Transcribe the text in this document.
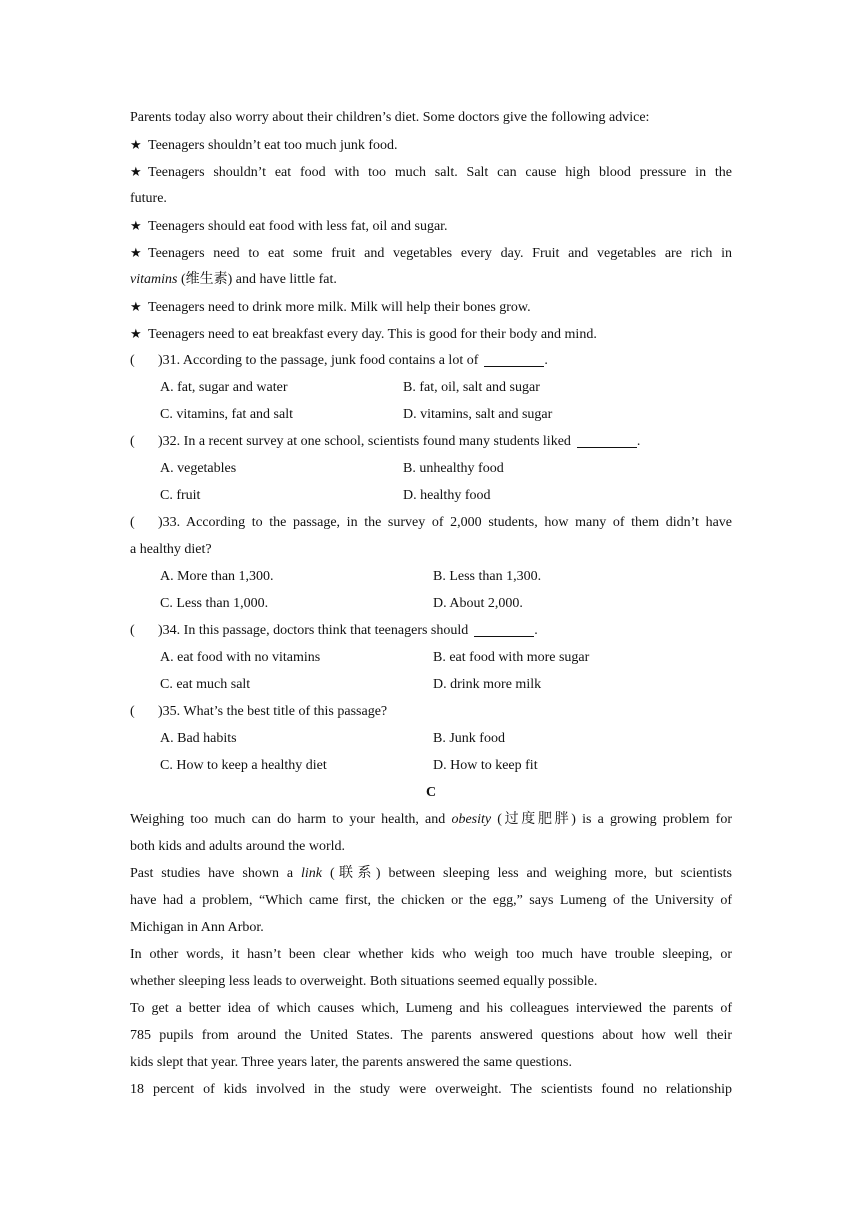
Parents today also worry about their children’s diet. Some doctors give the following advice:
★ Teenagers shouldn’t eat too much junk food.
★ Teenagers shouldn’t eat food with too much salt. Salt can cause high blood pressure in the
future.
★ Teenagers should eat food with less fat, oil and sugar.
★ Teenagers need to eat some fruit and vegetables every day. Fruit and vegetables are rich in
vitamins (维生素) and have little fat.
★ Teenagers need to drink more milk. Milk will help their bones grow.
★ Teenagers need to eat breakfast every day. This is good for their body and mind.
( )31. According to the passage, junk food contains a lot of	.
A. fat, sugar and water	B. fat, oil, salt and sugar
C. vitamins, fat and salt	D. vitamins, salt and sugar
( )32. In a recent survey at one school, scientists found many students liked	.
A. vegetables	B. unhealthy food
C. fruit	D. healthy food
( )33. According to the passage, in the survey of 2,000 students, how many of them didn’t have
a healthy diet?
A. More than 1,300.	B. Less than 1,300.
C. Less than 1,000.	D. About 2,000.
( )34. In this passage, doctors think that teenagers should	.
A. eat food with no vitamins	B. eat food with more sugar
C. eat much salt	D. drink more milk
( )35. What’s the best title of this passage?
A. Bad habits	B. Junk food
C. How to keep a healthy diet	D. How to keep fit
C
Weighing too much can do harm to your health, and obesity (过度肥胖) is a growing problem for
both kids and adults around the world.
Past studies have shown a link (联系) between sleeping less and weighing more, but scientists
have had a problem, “Which came first, the chicken or the egg,” says Lumeng of the University of
Michigan in Ann Arbor.
In other words, it hasn’t been clear whether kids who weigh too much have trouble sleeping, or
whether sleeping less leads to overweight. Both situations seemed equally possible.
To get a better idea of which causes which, Lumeng and his colleagues interviewed the parents of
785 pupils from around the United States. The parents answered questions about how well their
kids slept that year. Three years later, the parents answered the same questions.
18 percent of kids involved in the study were overweight. The scientists found no relationship
